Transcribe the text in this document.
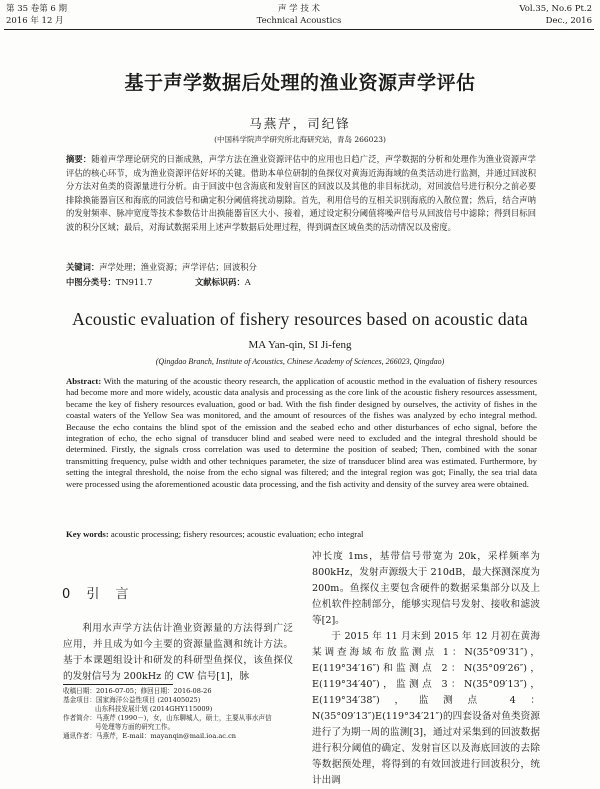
第 35 卷第 6 期
2016 年 12 月
声 学 技 术
Technical Acoustics
Vol.35, No.6 Pt.2
Dec., 2016
基于声学数据后处理的渔业资源声学评估
马燕芹，司纪锋
(中国科学院声学研究所北海研究站，青岛 266023)
摘要：随着声学理论研究的日渐成熟，声学方法在渔业资源评估中的应用也日趋广泛，声学数据的分析和处理作为渔业资源声学评估的核心环节，成为渔业资源评估好坏的关键。借助本单位研制的鱼探仪对黄海近海海域的鱼类活动进行监测，并通过回波积分方法对鱼类的资源量进行分析。由于回波中包含海底和发射盲区的回波以及其他的非目标扰动，对回波信号进行积分之前必要排除换能器盲区和海底的同波信号和确定积分阈值将扰动剔除。首先，利用信号的互相关识别海底的入散位置；然后，结合声呐的发射频率、脉冲宽度等技术参数估计出换能器盲区大小、接着，通过设定积分阈值将噪声信号从回波信号中滤除；得到目标回波的积分区域；最后，对海试数据采用上述声学数据后处理过程，得到调查区域鱼类的活动情况以及密度。
关键词：声学处理；渔业资源；声学评估；回波积分
中图分类号：TN911.7	文献标识码：A
Acoustic evaluation of fishery resources based on acoustic data
MA Yan-qin, SI Ji-feng
(Qingdao Branch, Institute of Acoustics, Chinese Academy of Sciences, 266023, Qingdao)
Abstract: With the maturing of the acoustic theory research, the application of acoustic method in the evaluation of fishery resources had become more and more widely, acoustic data analysis and processing as the core link of the acoustic fishery resources assessment, became the key of fishery resources evaluation, good or bad. With the fish finder designed by ourselves, the activity of fishes in the coastal waters of the Yellow Sea was monitored, and the amount of resources of the fishes was analyzed by echo integral method. Because the echo contains the blind spot of the emission and the seabed echo and other disturbances of echo signal, before the integration of echo, the echo signal of transducer blind and seabed were need to excluded and the integral threshold should be determined. Firstly, the signals cross correlation was used to determine the position of seabed; Then, combined with the sonar transmitting frequency, pulse width and other techniques parameter, the size of transducer blind area was estimated. Furthermore, by setting the integral threshold, the noise from the echo signal was filtered; and the integral region was got; Finally, the sea trial data were processed using the aforementioned acoustic data processing, and the fish activity and density of the survey area were obtained.
Key words: acoustic processing; fishery resources; acoustic evaluation; echo integral
0 引 言

利用水声学方法估计渔业资源量的方法得到广泛应用，并且成为如今主要的资源量监测和统计方法。基于本课题组设计和研发的科研型鱼探仪，该鱼探仪的发射信号为 200kHz 的 CW 信号[1]，脉

冲长度 1ms，基带信号带宽为 20k，采样频率为 800kHz，发射声源级大于 210dB，最大探测深度为 200m。鱼探仪主要包含硬件的数据采集部分以及上位机软件控制部分，能够实现信号发射、接收和滤波等[2]。

于 2015 年 11 月末到 2015 年 12 月初在黄海某调查海域布放监测点 1：N(35°09′31″)，E(119°34′16″)和监测点 2：N(35°09′26″)，E(119°34′40″)，监测点 3：N(35°09′13″)，E(119°34′38″)，监测点 4：N(35°09′13″)E(119°34′21″)的四套设备对鱼类资源进行了为期一周的监测[3]，通过对采集到的回波数据进行积分阈值的确定、发射盲区以及海底回波的去除等数据预处理，将得到的有效回波进行回波积分，统计出调

收稿日期：2016-07-05；修回日期：2016-08-26
基金项目：国家海洋公益性项目 (201405025)
山东科技发展计划 (2014GHY115009)
作者简介：马燕芹 (1990－)，女，山东聊城人，硕士，主要从事水声信
号处理等方面的研究工作。
通讯作者：马燕芹，E-mail：mayanqin@mail.ioa.ac.cn
